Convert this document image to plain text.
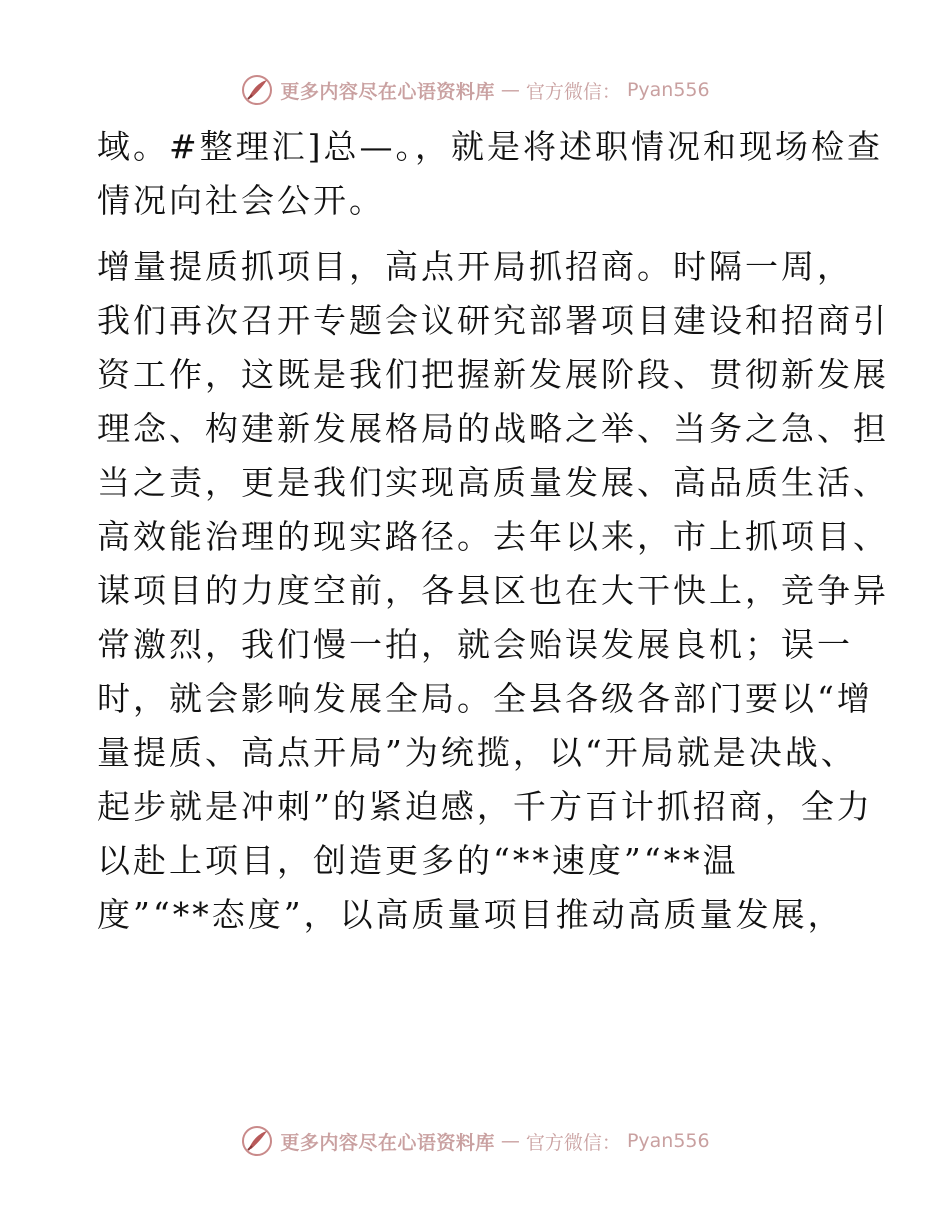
更多内容尽在心语资料库 — 官方微信： Pyan556

域。#整理汇]总—。，就是将述职情况和现场检查

情况向社会公开。

增量提质抓项目，高点开局抓招商。时隔一周，

我们再次召开专题会议研究部署项目建设和招商引

资工作，这既是我们把握新发展阶段、贯彻新发展

理念、构建新发展格局的战略之举、当务之急、担

当之责，更是我们实现高质量发展、高品质生活、

高效能治理的现实路径。去年以来，市上抓项目、

谋项目的力度空前，各县区也在大干快上，竞争异

常激烈，我们慢一拍，就会贻误发展良机；误一

时，就会影响发展全局。全县各级各部门要以“增

量提质、高点开局”为统揽，以“开局就是决战、

起步就是冲刺”的紧迫感，千方百计抓招商，全力

以赴上项目，创造更多的“**速度”“**温

度”“**态度”，以高质量项目推动高质量发展，

更多内容尽在心语资料库 — 官方微信： Pyan556
